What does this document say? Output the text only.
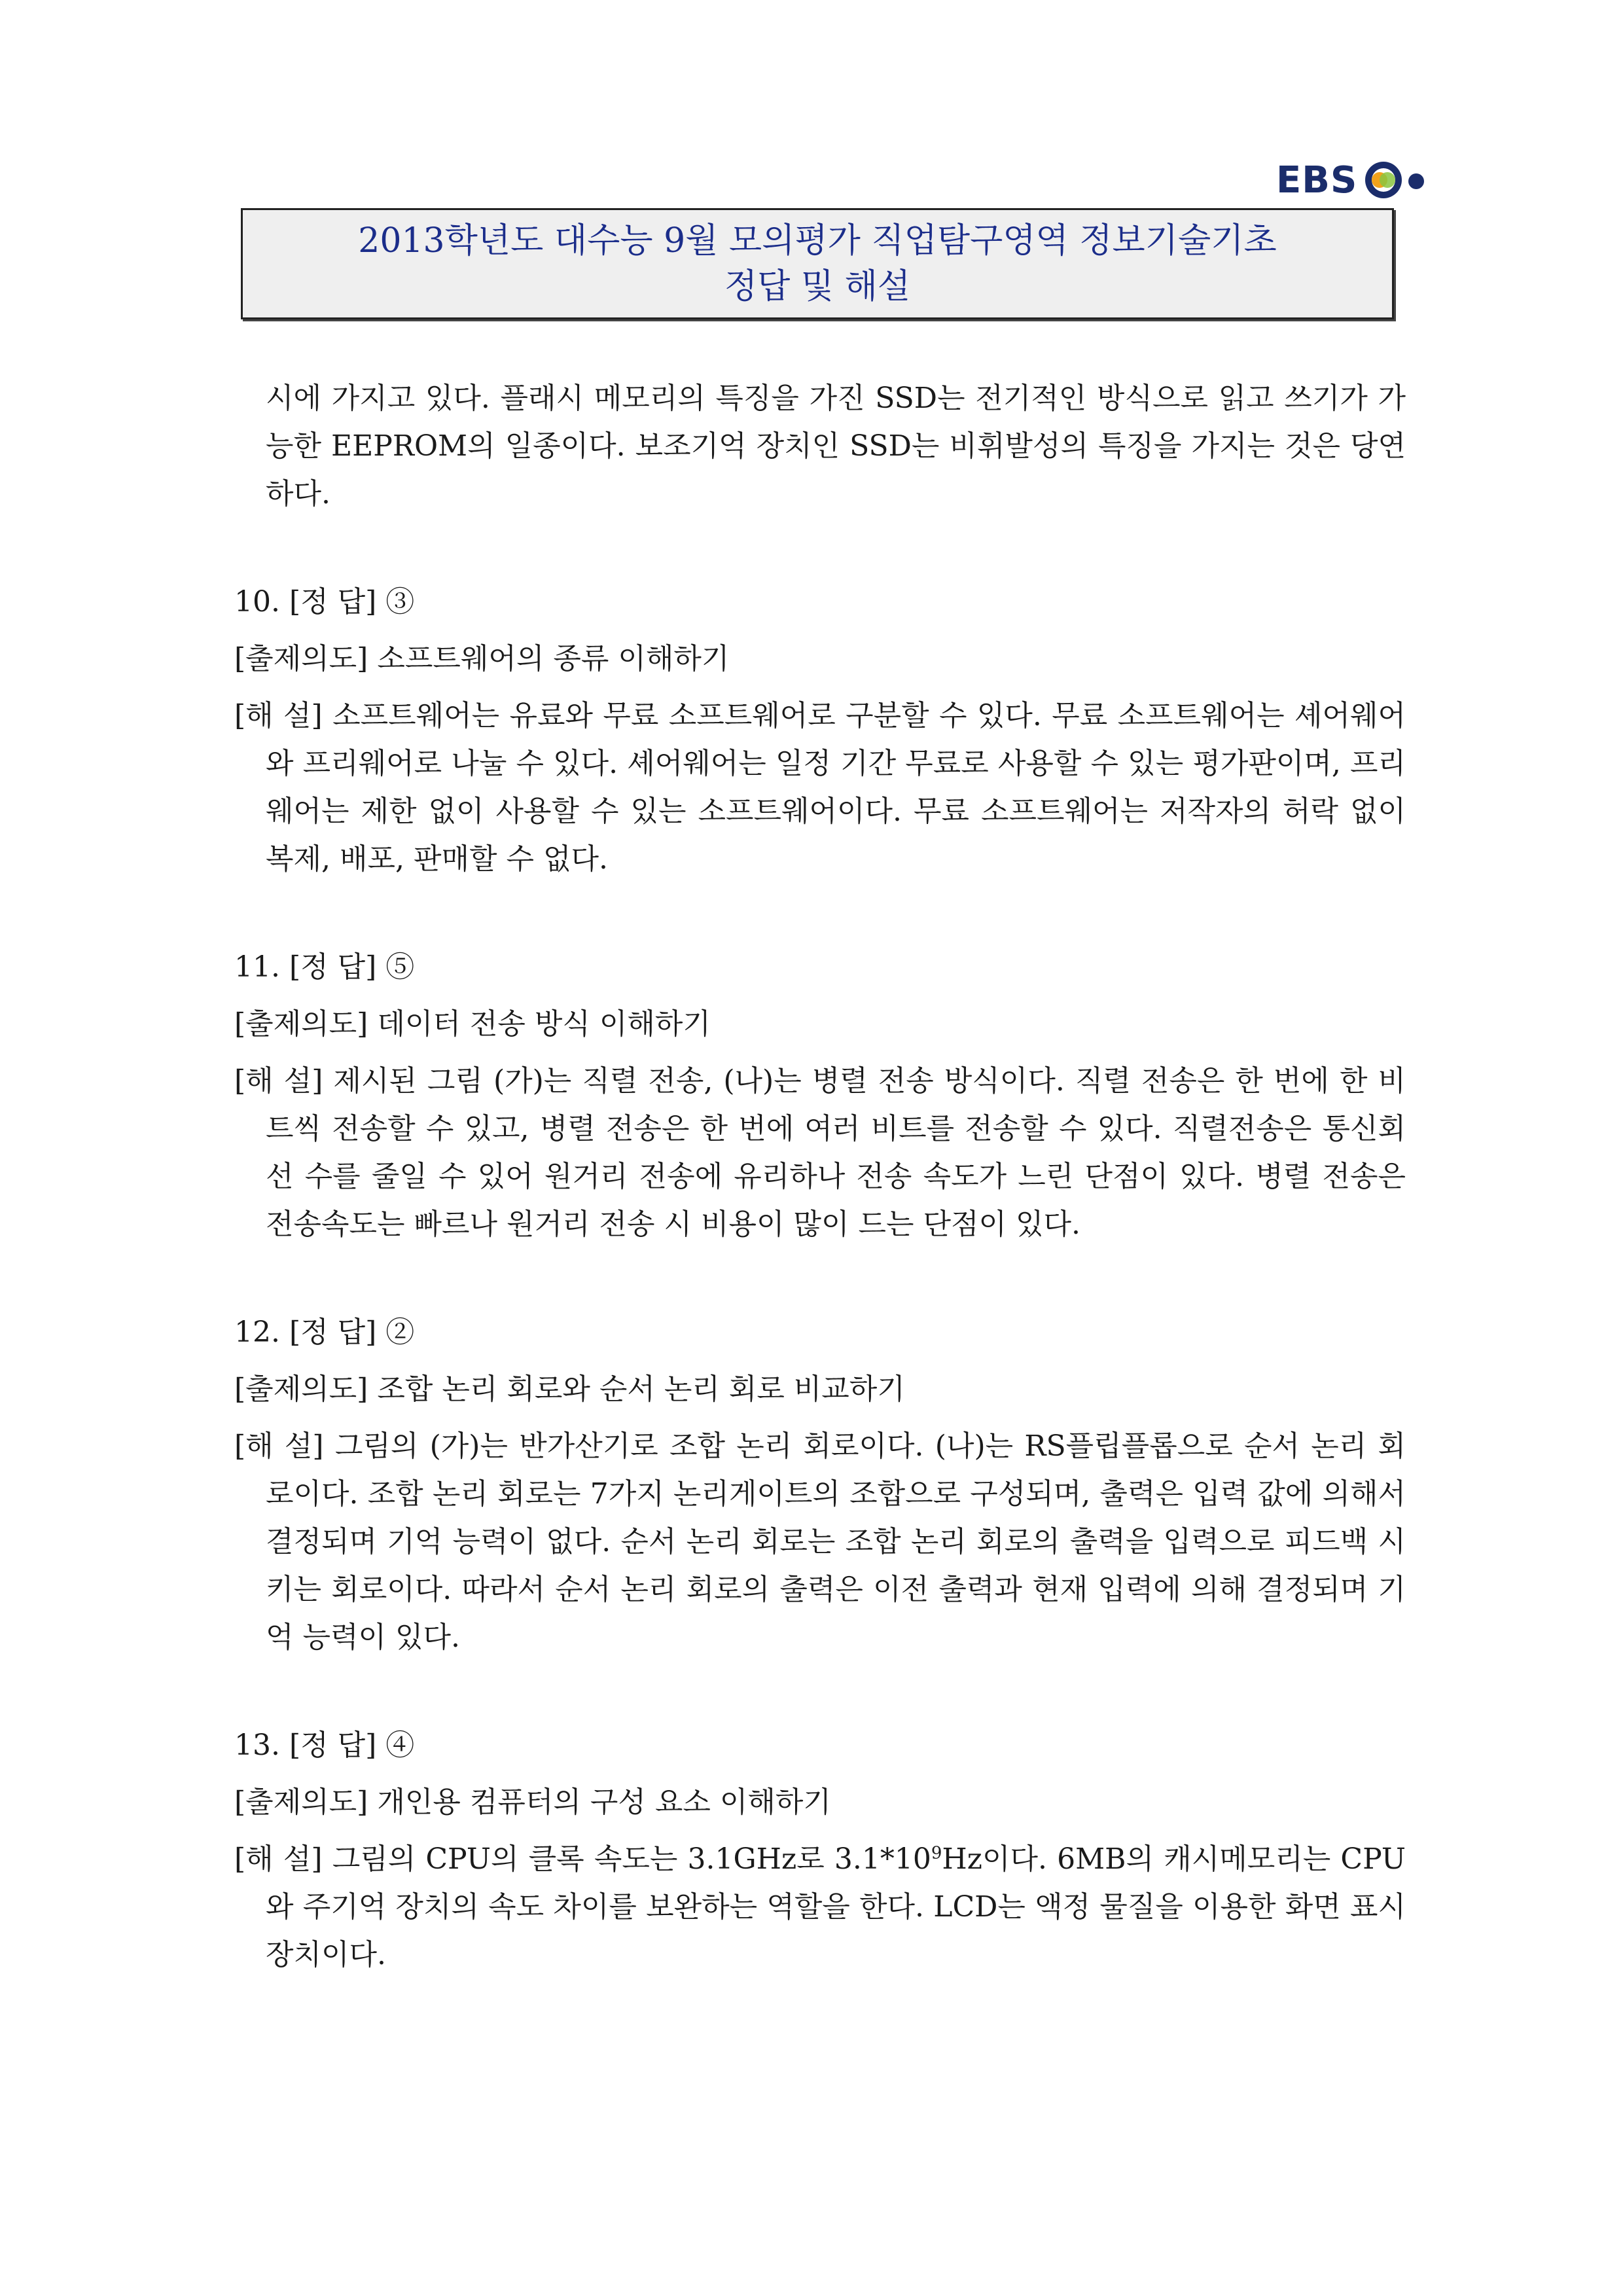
EBS
2013학년도 대수능 9월 모의평가 직업탐구영역 정보기술기초
정답 및 해설
시에 가지고 있다. 플래시 메모리의 특징을 가진 SSD는 전기적인 방식으로 읽고 쓰기가 가능한 EEPROM의 일종이다. 보조기억 장치인 SSD는 비휘발성의 특징을 가지는 것은 당연하다.
10. [정 답] ③
[출제의도] 소프트웨어의 종류 이해하기
[해 설] 소프트웨어는 유료와 무료 소프트웨어로 구분할 수 있다. 무료 소프트웨어는 셰어웨어와 프리웨어로 나눌 수 있다. 셰어웨어는 일정 기간 무료로 사용할 수 있는 평가판이며, 프리웨어는 제한 없이 사용할 수 있는 소프트웨어이다. 무료 소프트웨어는 저작자의 허락 없이 복제, 배포, 판매할 수 없다.
11. [정 답] ⑤
[출제의도] 데이터 전송 방식 이해하기
[해 설] 제시된 그림 (가)는 직렬 전송, (나)는 병렬 전송 방식이다. 직렬 전송은 한 번에 한 비트씩 전송할 수 있고, 병렬 전송은 한 번에 여러 비트를 전송할 수 있다. 직렬전송은 통신회선 수를 줄일 수 있어 원거리 전송에 유리하나 전송 속도가 느린 단점이 있다. 병렬 전송은 전송속도는 빠르나 원거리 전송 시 비용이 많이 드는 단점이 있다.
12. [정 답] ②
[출제의도] 조합 논리 회로와 순서 논리 회로 비교하기
[해 설] 그림의 (가)는 반가산기로 조합 논리 회로이다. (나)는 RS플립플롭으로 순서 논리 회로이다. 조합 논리 회로는 7가지 논리게이트의 조합으로 구성되며, 출력은 입력 값에 의해서 결정되며 기억 능력이 없다. 순서 논리 회로는 조합 논리 회로의 출력을 입력으로 피드백 시키는 회로이다. 따라서 순서 논리 회로의 출력은 이전 출력과 현재 입력에 의해 결정되며 기억 능력이 있다.
13. [정 답] ④
[출제의도] 개인용 컴퓨터의 구성 요소 이해하기
[해 설] 그림의 CPU의 클록 속도는 3.1GHz로 $3.1*10^9Hz$이다. 6MB의 캐시메모리는 CPU와 주기억 장치의 속도 차이를 보완하는 역할을 한다. LCD는 액정 물질을 이용한 화면 표시장치이다.
